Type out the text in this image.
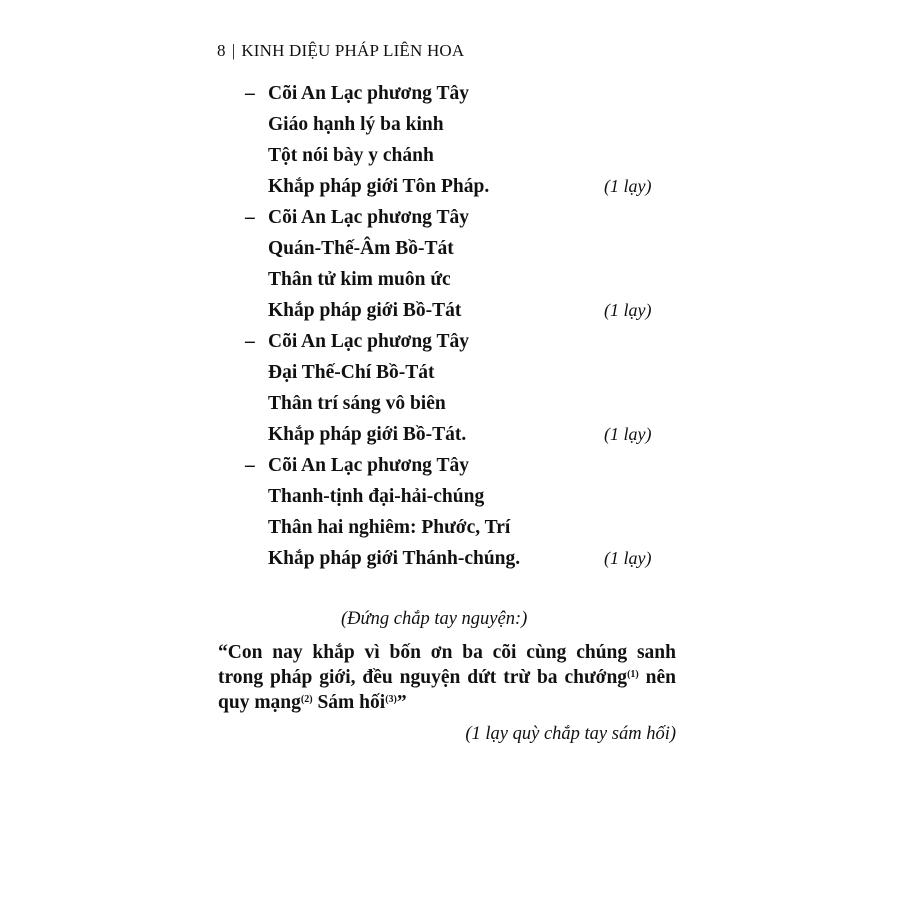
8 | KINH DIỆU PHÁP LIÊN HOA
– Cõi An Lạc phương Tây
Giáo hạnh lý ba kinh
Tột nói bày y chánh
Khắp pháp giới Tôn Pháp.	(1 lạy)
– Cõi An Lạc phương Tây
Quán-Thế-Âm Bồ-Tát
Thân tử kim muôn ức
Khắp pháp giới Bồ-Tát	(1 lạy)
– Cõi An Lạc phương Tây
Đại Thế-Chí Bồ-Tát
Thân trí sáng vô biên
Khắp pháp giới Bồ-Tát.	(1 lạy)
– Cõi An Lạc phương Tây
Thanh-tịnh đại-hải-chúng
Thân hai nghiêm: Phước, Trí
Khắp pháp giới Thánh-chúng.	(1 lạy)
(Đứng chắp tay nguyện:)
“Con nay khắp vì bốn ơn ba cõi cùng chúng sanh trong pháp giới, đều nguyện dứt trừ ba chướng$^{(1)}$ nên quy mạng$^{(2)}$ Sám hối$^{(3)}$”
(1 lạy quỳ chắp tay sám hối)
